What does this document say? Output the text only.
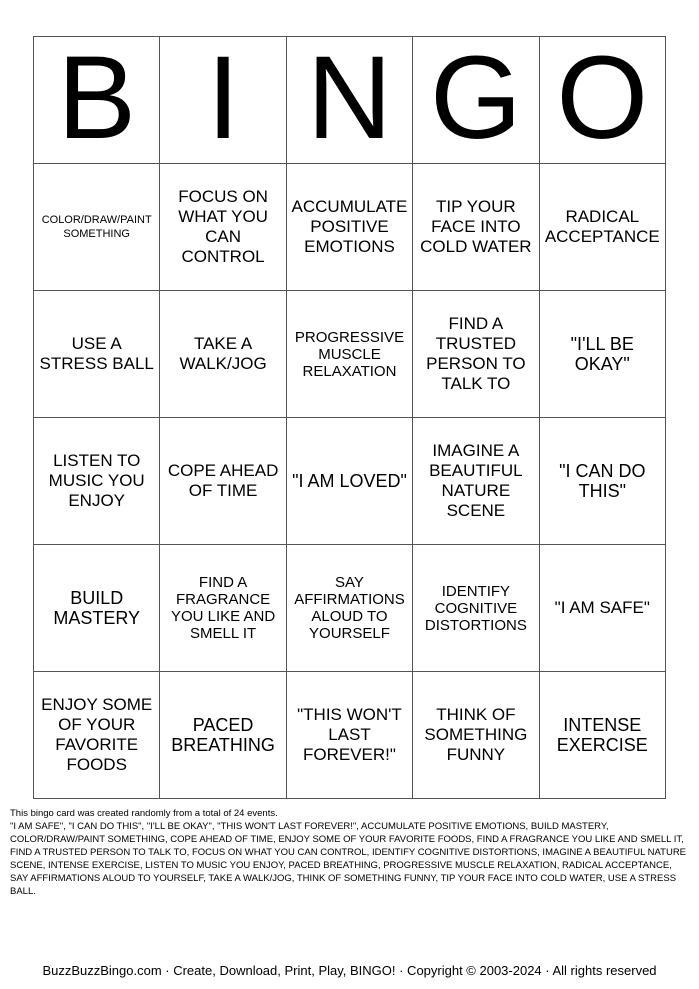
B	I	N	G	O

COLOR/DRAW/PAINT SOMETHING	FOCUS ON WHAT YOU CAN CONTROL	ACCUMULATE POSITIVE EMOTIONS	TIP YOUR FACE INTO COLD WATER	RADICAL ACCEPTANCE

USE A STRESS BALL	TAKE A WALK/JOG	PROGRESSIVE MUSCLE RELAXATION	FIND A TRUSTED PERSON TO TALK TO	"I'LL BE OKAY"

LISTEN TO MUSIC YOU ENJOY	COPE AHEAD OF TIME	"I AM LOVED"	IMAGINE A BEAUTIFUL NATURE SCENE	"I CAN DO THIS"

BUILD MASTERY	FIND A FRAGRANCE YOU LIKE AND SMELL IT	SAY AFFIRMATIONS ALOUD TO YOURSELF	IDENTIFY COGNITIVE DISTORTIONS	"I AM SAFE"

ENJOY SOME OF YOUR FAVORITE FOODS	PACED BREATHING	"THIS WON'T LAST FOREVER!"	THINK OF SOMETHING FUNNY	INTENSE EXERCISE
This bingo card was created randomly from a total of 24 events.
"I AM SAFE", "I CAN DO THIS", "I'LL BE OKAY", "THIS WON'T LAST FOREVER!", ACCUMULATE POSITIVE EMOTIONS, BUILD MASTERY, COLOR/DRAW/PAINT SOMETHING, COPE AHEAD OF TIME, ENJOY SOME OF YOUR FAVORITE FOODS, FIND A FRAGRANCE YOU LIKE AND SMELL IT, FIND A TRUSTED PERSON TO TALK TO, FOCUS ON WHAT YOU CAN CONTROL, IDENTIFY COGNITIVE DISTORTIONS, IMAGINE A BEAUTIFUL NATURE SCENE, INTENSE EXERCISE, LISTEN TO MUSIC YOU ENJOY, PACED BREATHING, PROGRESSIVE MUSCLE RELAXATION, RADICAL ACCEPTANCE, SAY AFFIRMATIONS ALOUD TO YOURSELF, TAKE A WALK/JOG, THINK OF SOMETHING FUNNY, TIP YOUR FACE INTO COLD WATER, USE A STRESS BALL.
BuzzBuzzBingo.com · Create, Download, Print, Play, BINGO! · Copyright © 2003-2024 · All rights reserved
